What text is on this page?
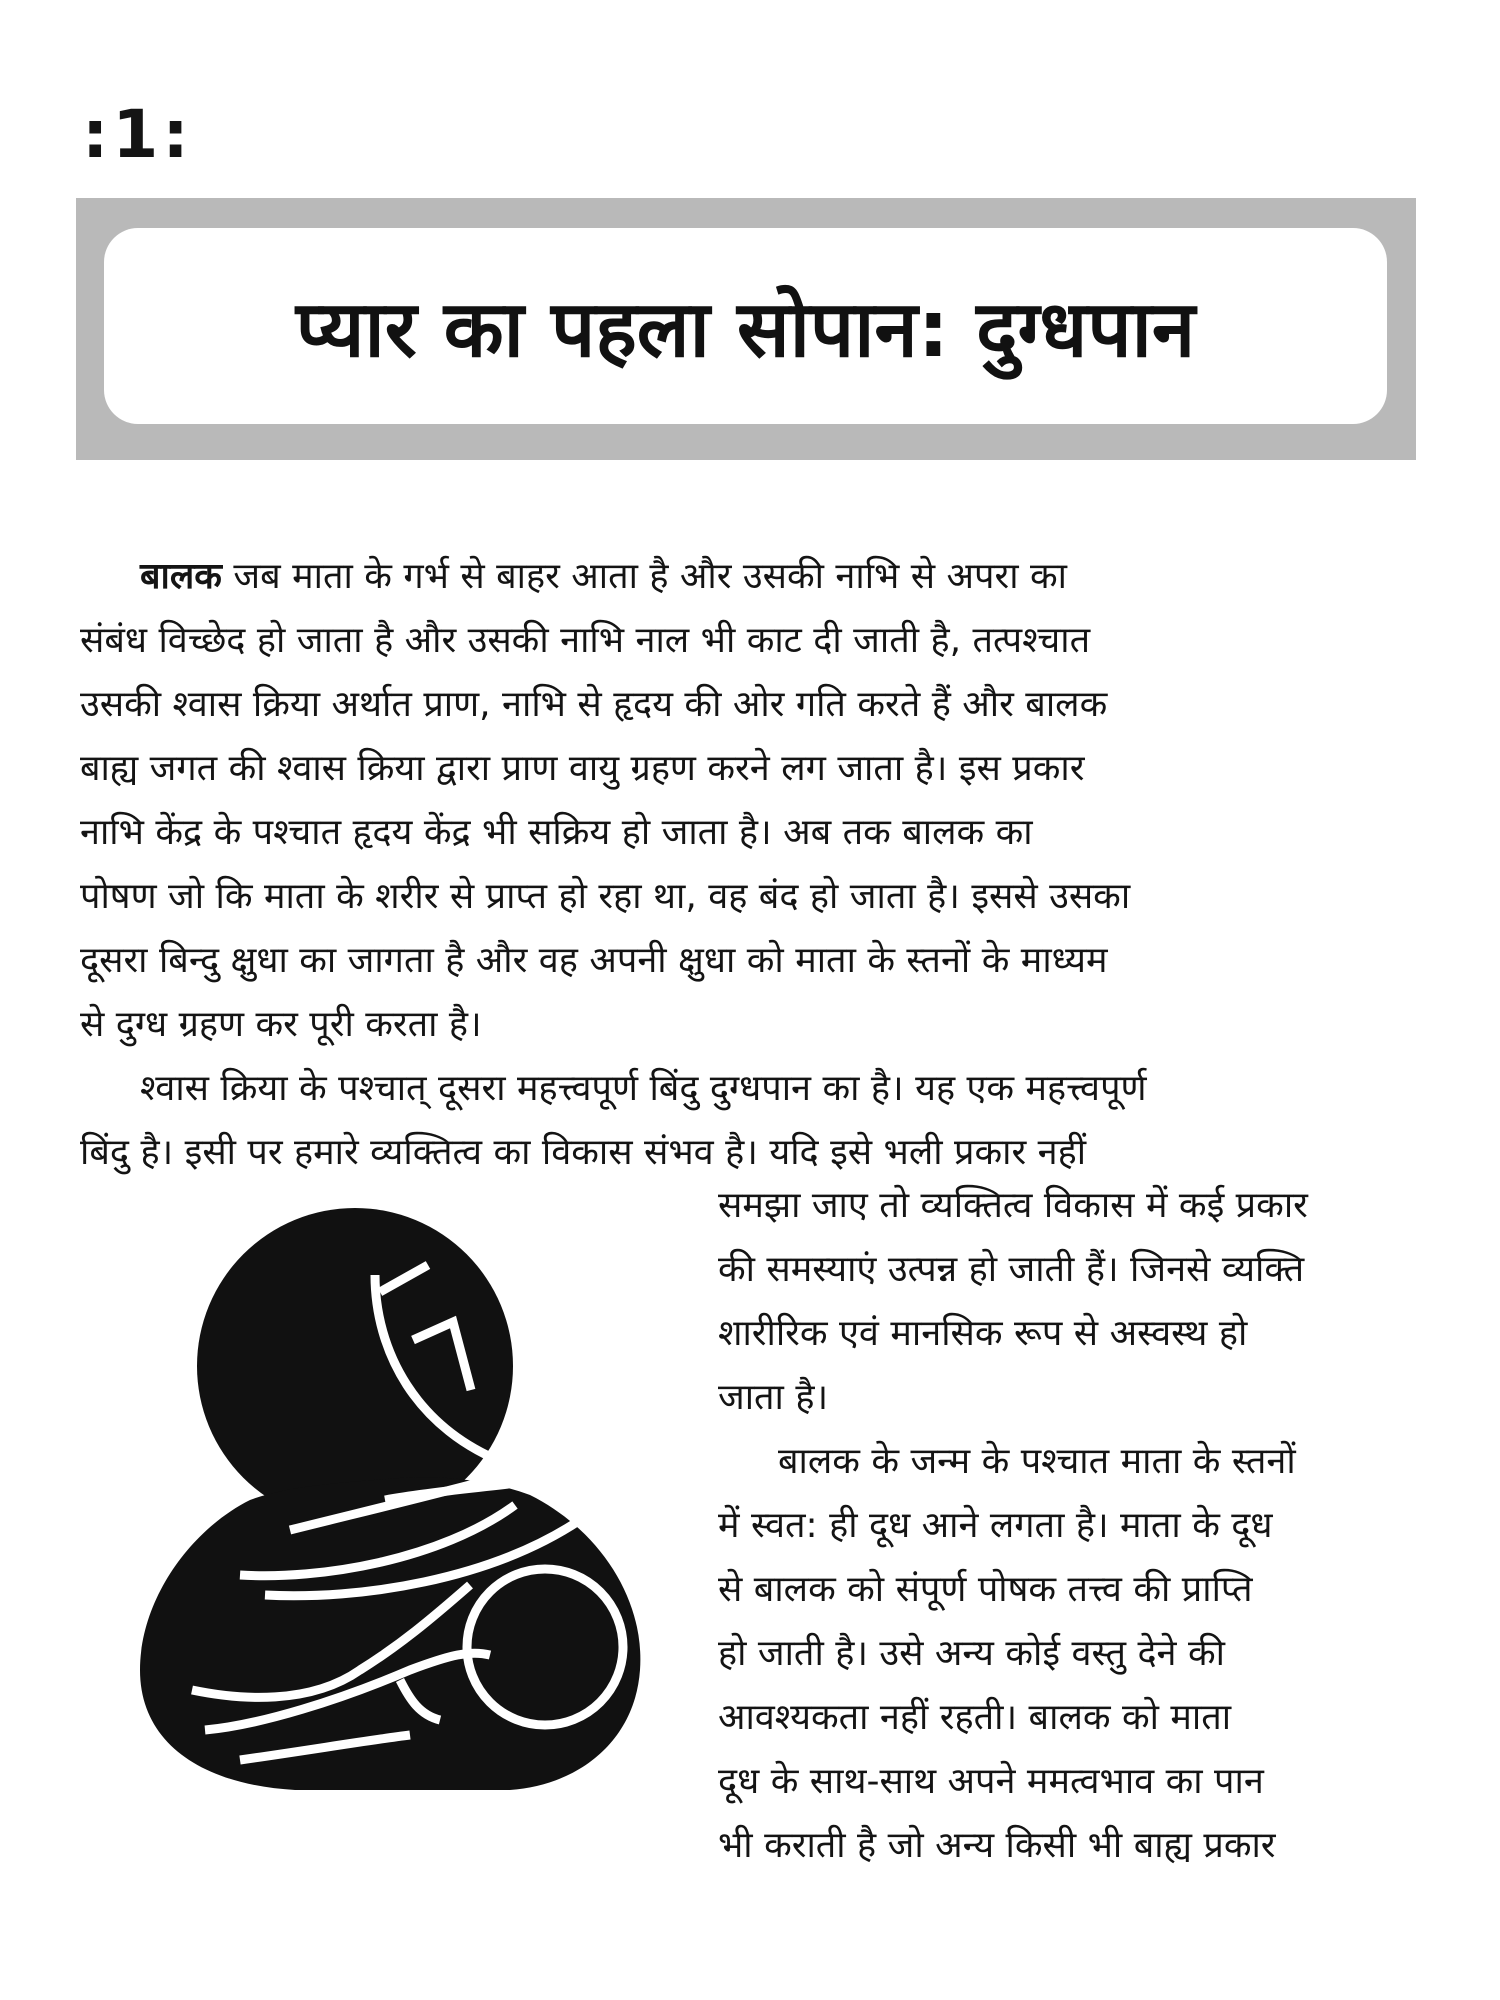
:1:
प्यार का पहला सोपान: दुग्धपान
बालक जब माता के गर्भ से बाहर आता है और उसकी नाभि से अपरा का
संबंध विच्छेद हो जाता है और उसकी नाभि नाल भी काट दी जाती है, तत्पश्चात
उसकी श्वास क्रिया अर्थात प्राण, नाभि से हृदय की ओर गति करते हैं और बालक
बाह्य जगत की श्वास क्रिया द्वारा प्राण वायु ग्रहण करने लग जाता है। इस प्रकार
नाभि केंद्र के पश्चात हृदय केंद्र भी सक्रिय हो जाता है। अब तक बालक का
पोषण जो कि माता के शरीर से प्राप्त हो रहा था, वह बंद हो जाता है। इससे उसका
दूसरा बिन्दु क्षुधा का जागता है और वह अपनी क्षुधा को माता के स्तनों के माध्यम
से दुग्ध ग्रहण कर पूरी करता है।
श्वास क्रिया के पश्चात् दूसरा महत्त्वपूर्ण बिंदु दुग्धपान का है। यह एक महत्त्वपूर्ण
बिंदु है। इसी पर हमारे व्यक्तित्व का विकास संभव है। यदि इसे भली प्रकार नहीं
समझा जाए तो व्यक्तित्व विकास में कई प्रकार
की समस्याएं उत्पन्न हो जाती हैं। जिनसे व्यक्ति
शारीरिक एवं मानसिक रूप से अस्वस्थ हो
जाता है।
बालक के जन्म के पश्चात माता के स्तनों
में स्वत: ही दूध आने लगता है। माता के दूध
से बालक को संपूर्ण पोषक तत्त्व की प्राप्ति
हो जाती है। उसे अन्य कोई वस्तु देने की
आवश्यकता नहीं रहती। बालक को माता
दूध के साथ-साथ अपने ममत्वभाव का पान
भी कराती है जो अन्य किसी भी बाह्य प्रकार
